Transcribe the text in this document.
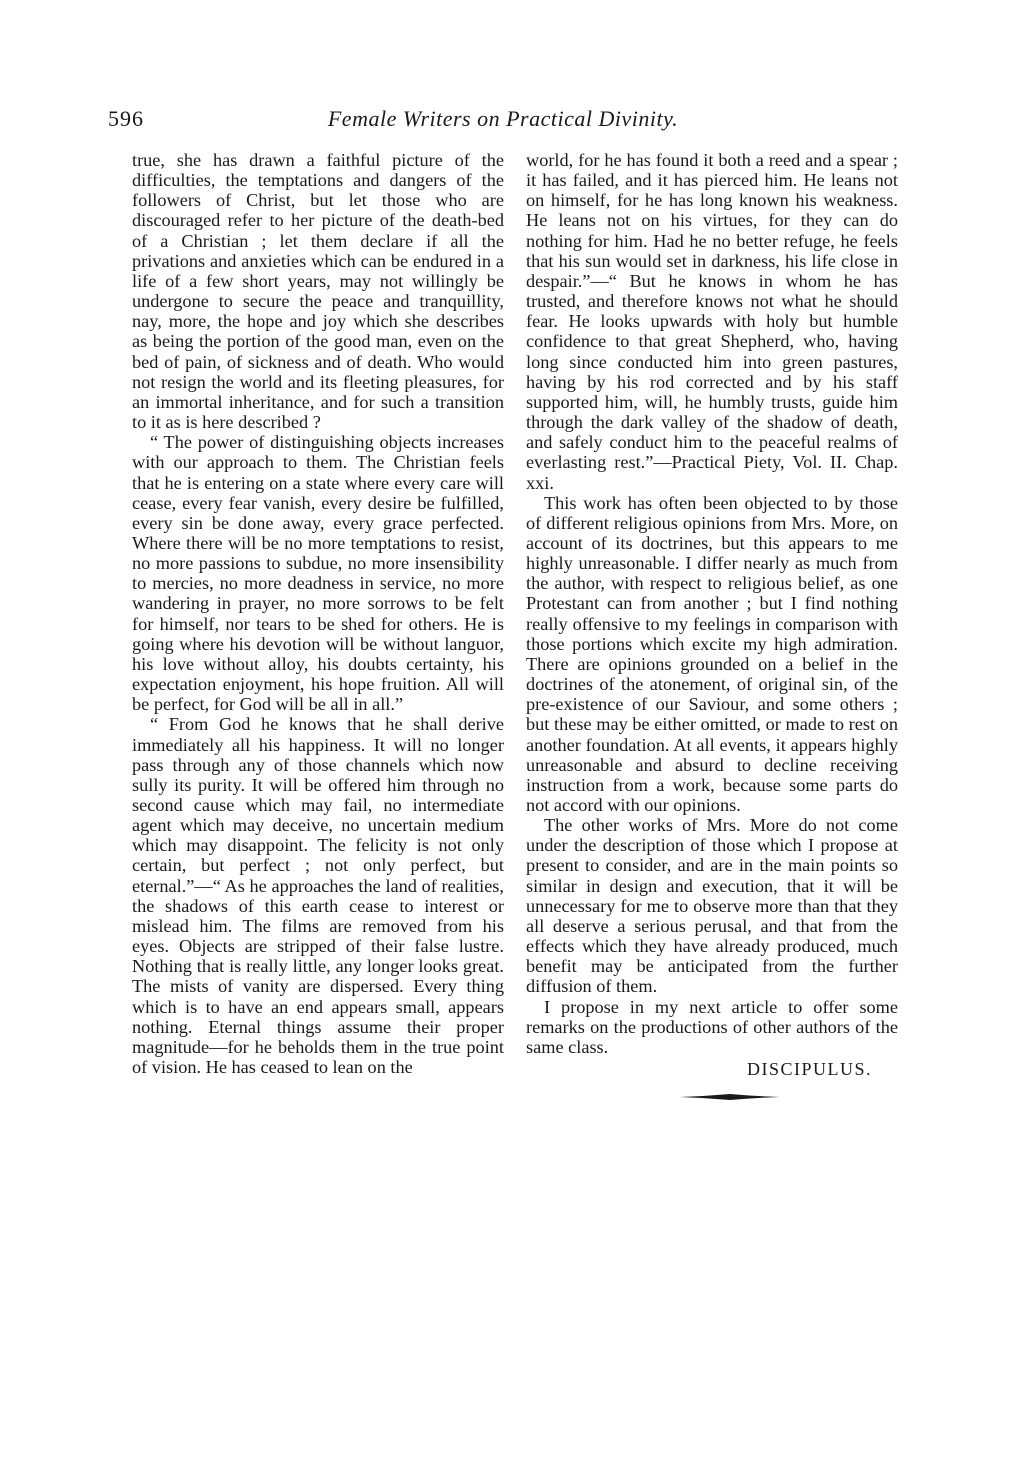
596	Female Writers on Practical Divinity.

true, she has drawn a faithful picture of the difficulties, the temptations and dangers of the followers of Christ, but let those who are discouraged refer to her picture of the death-bed of a Christian ; let them declare if all the privations and anxieties which can be endured in a life of a few short years, may not willingly be undergone to secure the peace and tranquillity, nay, more, the hope and joy which she describes as being the portion of the good man, even on the bed of pain, of sickness and of death. Who would not resign the world and its fleeting pleasures, for an immortal inheritance, and for such a transition to it as is here described ?

“ The power of distinguishing objects increases with our approach to them. The Christian feels that he is entering on a state where every care will cease, every fear vanish, every desire be fulfilled, every sin be done away, every grace perfected. Where there will be no more temptations to resist, no more passions to subdue, no more insensibility to mercies, no more deadness in service, no more wandering in prayer, no more sorrows to be felt for himself, nor tears to be shed for others. He is going where his devotion will be without languor, his love without alloy, his doubts certainty, his expectation enjoyment, his hope fruition. All will be perfect, for God will be all in all.”

“ From God he knows that he shall derive immediately all his happiness. It will no longer pass through any of those channels which now sully its purity. It will be offered him through no second cause which may fail, no intermediate agent which may deceive, no uncertain medium which may disappoint. The felicity is not only certain, but perfect ; not only perfect, but eternal.”—“ As he approaches the land of realities, the shadows of this earth cease to interest or mislead him. The films are removed from his eyes. Objects are stripped of their false lustre. Nothing that is really little, any longer looks great. The mists of vanity are dispersed. Every thing which is to have an end appears small, appears nothing. Eternal things assume their proper magnitude—for he beholds them in the true point of vision. He has ceased to lean on the

world, for he has found it both a reed and a spear ; it has failed, and it has pierced him. He leans not on himself, for he has long known his weakness. He leans not on his virtues, for they can do nothing for him. Had he no better refuge, he feels that his sun would set in darkness, his life close in despair.”—“ But he knows in whom he has trusted, and therefore knows not what he should fear. He looks upwards with holy but humble confidence to that great Shepherd, who, having long since conducted him into green pastures, having by his rod corrected and by his staff supported him, will, he humbly trusts, guide him through the dark valley of the shadow of death, and safely conduct him to the peaceful realms of everlasting rest.”—Practical Piety, Vol. II. Chap. xxi.

This work has often been objected to by those of different religious opinions from Mrs. More, on account of its doctrines, but this appears to me highly unreasonable. I differ nearly as much from the author, with respect to religious belief, as one Protestant can from another ; but I find nothing really offensive to my feelings in comparison with those portions which excite my high admiration. There are opinions grounded on a belief in the doctrines of the atonement, of original sin, of the pre-existence of our Saviour, and some others ; but these may be either omitted, or made to rest on another foundation. At all events, it appears highly unreasonable and absurd to decline receiving instruction from a work, because some parts do not accord with our opinions.

The other works of Mrs. More do not come under the description of those which I propose at present to consider, and are in the main points so similar in design and execution, that it will be unnecessary for me to observe more than that they all deserve a serious perusal, and that from the effects which they have already produced, much benefit may be anticipated from the further diffusion of them.

I propose in my next article to offer some remarks on the productions of other authors of the same class.

DISCIPULUS.
